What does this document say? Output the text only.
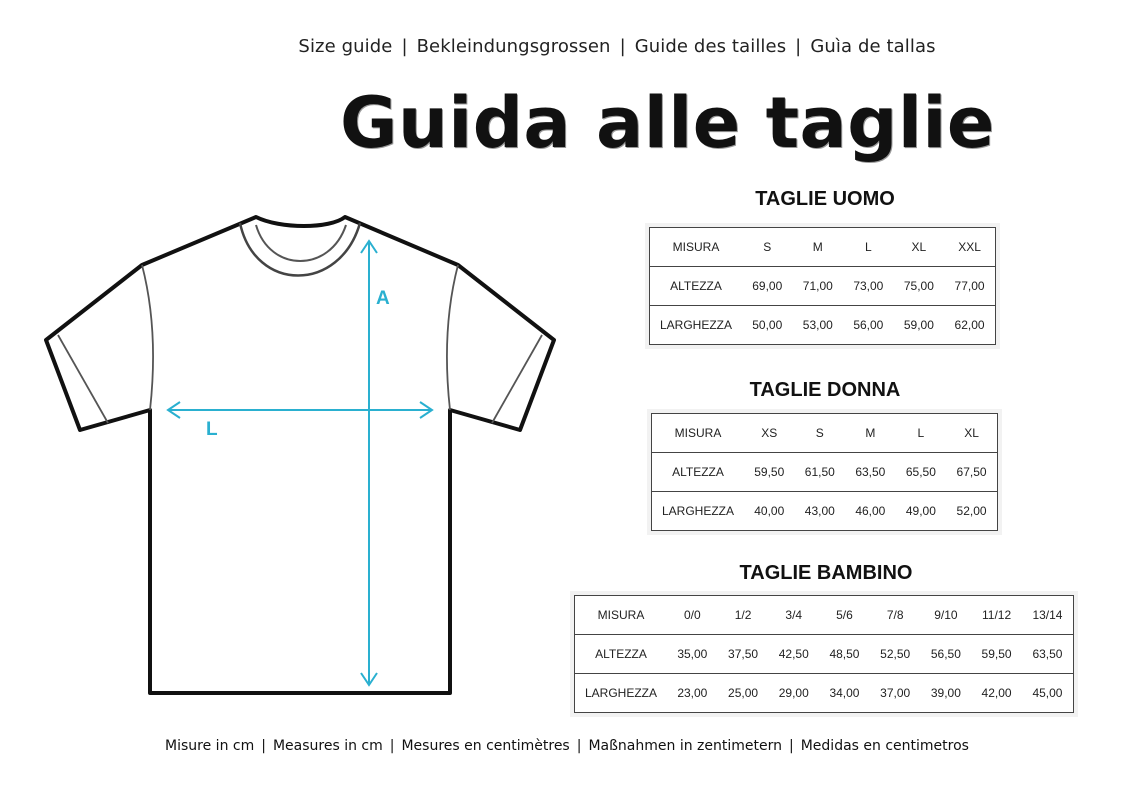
Size guide | Bekleindungsgrossen | Guide des tailles | Guìa de tallas
Guida alle taglie
A
L
TAGLIE UOMO
MISURA	S	M	L	XL	XXL
ALTEZZA	69,00	71,00	73,00	75,00	77,00
LARGHEZZA	50,00	53,00	56,00	59,00	62,00
TAGLIE DONNA
MISURA	XS	S	M	L	XL
ALTEZZA	59,50	61,50	63,50	65,50	67,50
LARGHEZZA	40,00	43,00	46,00	49,00	52,00
TAGLIE BAMBINO
MISURA	0/0	1/2	3/4	5/6	7/8	9/10	11/12	13/14
ALTEZZA	35,00	37,50	42,50	48,50	52,50	56,50	59,50	63,50
LARGHEZZA	23,00	25,00	29,00	34,00	37,00	39,00	42,00	45,00
Misure in cm | Measures in cm | Mesures en centimètres | Maßnahmen in zentimetern | Medidas en centimetros
